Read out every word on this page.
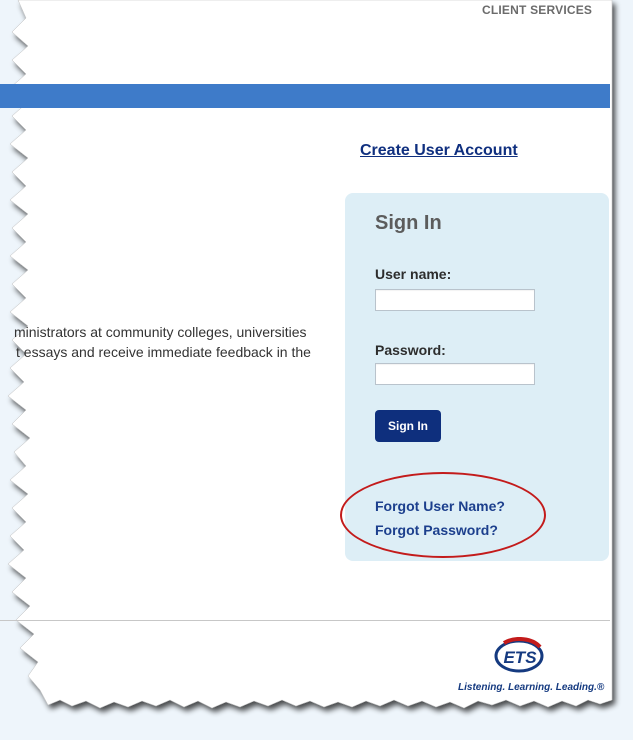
CLIENT SERVICES
Create User Account
ministrators at community colleges, universities
t essays and receive immediate feedback in the
Sign In
User name:
Password:
Sign In
Forgot User Name?
Forgot Password?
ETS
Listening. Learning. Leading.®
